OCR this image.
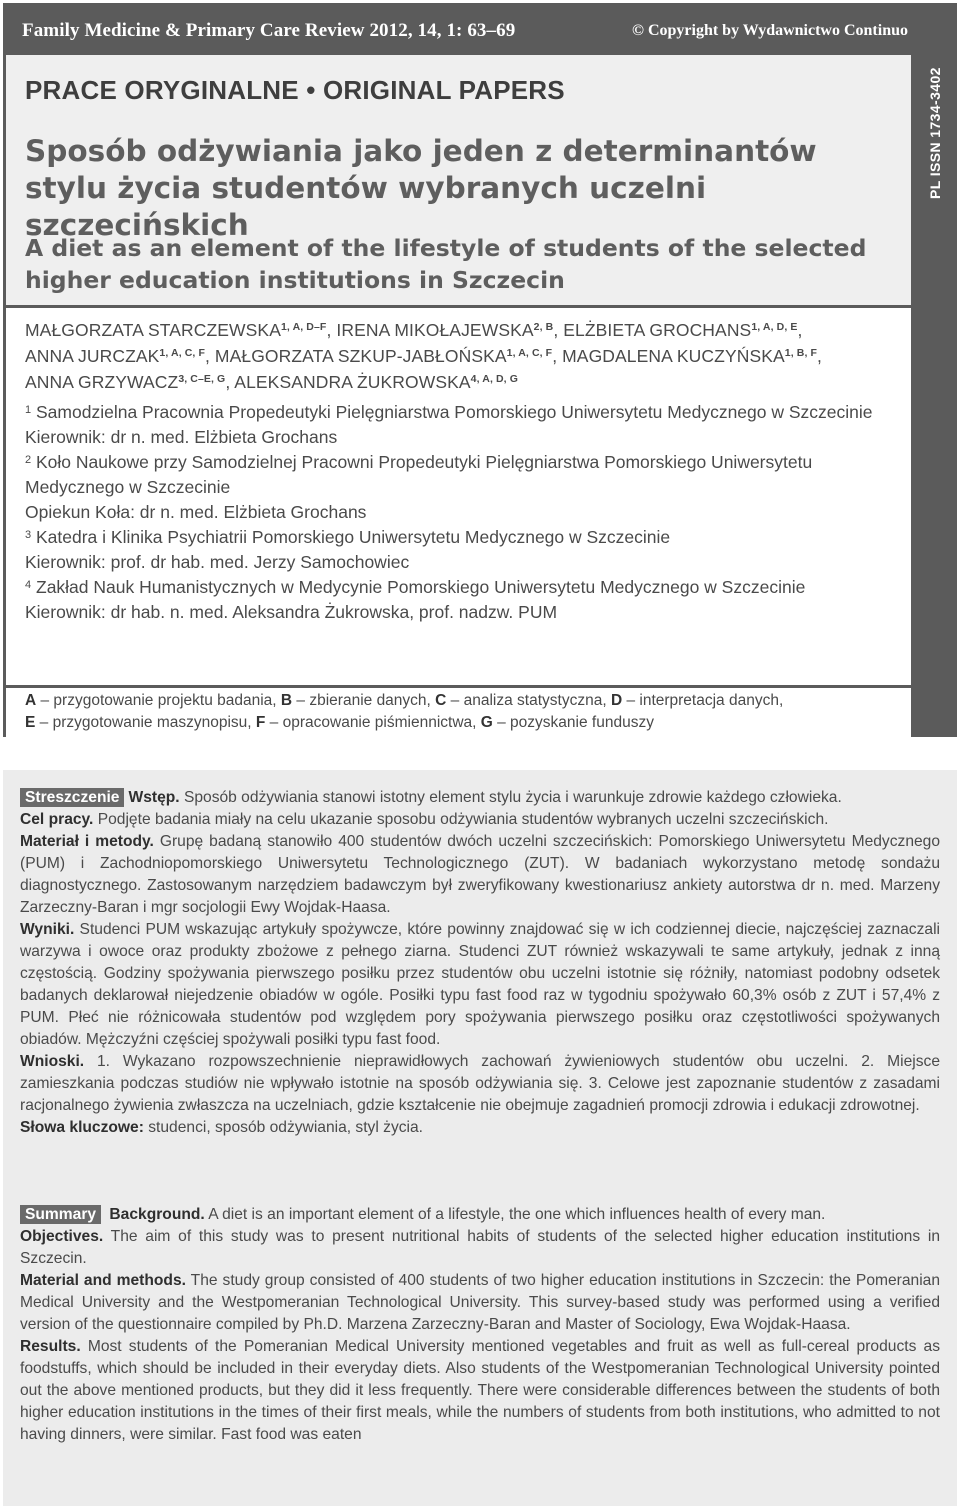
Family Medicine & Primary Care Review 2012, 14, 1: 63–69	© Copyright by Wydawnictwo Continuo
PL ISSN 1734-3402
PRACE ORYGINALNE • ORIGINAL PAPERS
Sposób odżywiania jako jeden z determinantów stylu życia studentów wybranych uczelni szczecińskich
A diet as an element of the lifestyle of students of the selected higher education institutions in Szczecin
MAŁGORZATA $STARCZEWSKA^{1, A, D-F}$, IRENA $MIKOŁAJEWSKA^{2, B}$, ELŻBIETA $GROCHANS^{1, A, D, E}$,
ANNA $JURCZAK^{1, A, C, F}$, MAŁGORZATA SZKUP-$JABŁOŃSKA^{1, A, C, F}$, MAGDALENA $KUCZYŃSKA^{1, B, F}$,
ANNA $GRZYWACZ^{3, C-E, G}$, ALEKSANDRA $ŻUKROWSKA^{4, A, D, G}$
$^1$ Samodzielna Pracownia Propedeutyki Pielęgniarstwa Pomorskiego Uniwersytetu Medycznego w Szczecinie
Kierownik: dr n. med. Elżbieta Grochans
$^2$ Koło Naukowe przy Samodzielnej Pracowni Propedeutyki Pielęgniarstwa Pomorskiego Uniwersytetu Medycznego w Szczecinie
Opiekun Koła: dr n. med. Elżbieta Grochans
$^3$ Katedra i Klinika Psychiatrii Pomorskiego Uniwersytetu Medycznego w Szczecinie
Kierownik: prof. dr hab. med. Jerzy Samochowiec
$^4$ Zakład Nauk Humanistycznych w Medycynie Pomorskiego Uniwersytetu Medycznego w Szczecinie
Kierownik: dr hab. n. med. Aleksandra Żukrowska, prof. nadzw. PUM
A – przygotowanie projektu badania, B – zbieranie danych, C – analiza statystyczna, D – interpretacja danych,
E – przygotowanie maszynopisu, F – opracowanie piśmiennictwa, G – pozyskanie funduszy
Streszczenie Wstęp. Sposób odżywiania stanowi istotny element stylu życia i warunkuje zdrowie każdego człowieka.
Cel pracy. Podjęte badania miały na celu ukazanie sposobu odżywiania studentów wybranych uczelni szczecińskich.
Materiał i metody. Grupę badaną stanowiło 400 studentów dwóch uczelni szczecińskich: Pomorskiego Uniwersytetu Medycznego (PUM) i Zachodniopomorskiego Uniwersytetu Technologicznego (ZUT). W badaniach wykorzystano metodę sondażu diagnostycznego. Zastosowanym narzędziem badawczym był zweryfikowany kwestionariusz ankiety autorstwa dr n. med. Marzeny Zarzeczny-Baran i mgr socjologii Ewy Wojdak-Haasa.
Wyniki. Studenci PUM wskazując artykuły spożywcze, które powinny znajdować się w ich codziennej diecie, najczęściej zaznaczali warzywa i owoce oraz produkty zbożowe z pełnego ziarna. Studenci ZUT również wskazywali te same artykuły, jednak z inną częstością. Godziny spożywania pierwszego posiłku przez studentów obu uczelni istotnie się różniły, natomiast podobny odsetek badanych deklarował niejedzenie obiadów w ogóle. Posiłki typu fast food raz w tygodniu spożywało 60,3% osób z ZUT i 57,4% z PUM. Płeć nie różnicowała studentów pod względem pory spożywania pierwszego posiłku oraz częstotliwości spożywanych obiadów. Mężczyźni częściej spożywali posiłki typu fast food.
Wnioski. 1. Wykazano rozpowszechnienie nieprawidłowych zachowań żywieniowych studentów obu uczelni. 2. Miejsce zamieszkania podczas studiów nie wpływało istotnie na sposób odżywiania się. 3. Celowe jest zapoznanie studentów z zasadami racjonalnego żywienia zwłaszcza na uczelniach, gdzie kształcenie nie obejmuje zagadnień promocji zdrowia i edukacji zdrowotnej.
Słowa kluczowe: studenci, sposób odżywiania, styl życia.
Summary Background. A diet is an important element of a lifestyle, the one which influences health of every man.
Objectives. The aim of this study was to present nutritional habits of students of the selected higher education institutions in Szczecin.
Material and methods. The study group consisted of 400 students of two higher education institutions in Szczecin: the Pomeranian Medical University and the Westpomeranian Technological University. This survey-based study was performed using a verified version of the questionnaire compiled by Ph.D. Marzena Zarzeczny-Baran and Master of Sociology, Ewa Wojdak-Haasa.
Results. Most students of the Pomeranian Medical University mentioned vegetables and fruit as well as full-cereal products as foodstuffs, which should be included in their everyday diets. Also students of the Westpomeranian Technological University pointed out the above mentioned products, but they did it less frequently. There were considerable differences between the students of both higher education institutions in the times of their first meals, while the numbers of students from both institutions, who admitted to not having dinners, were similar. Fast food was eaten
